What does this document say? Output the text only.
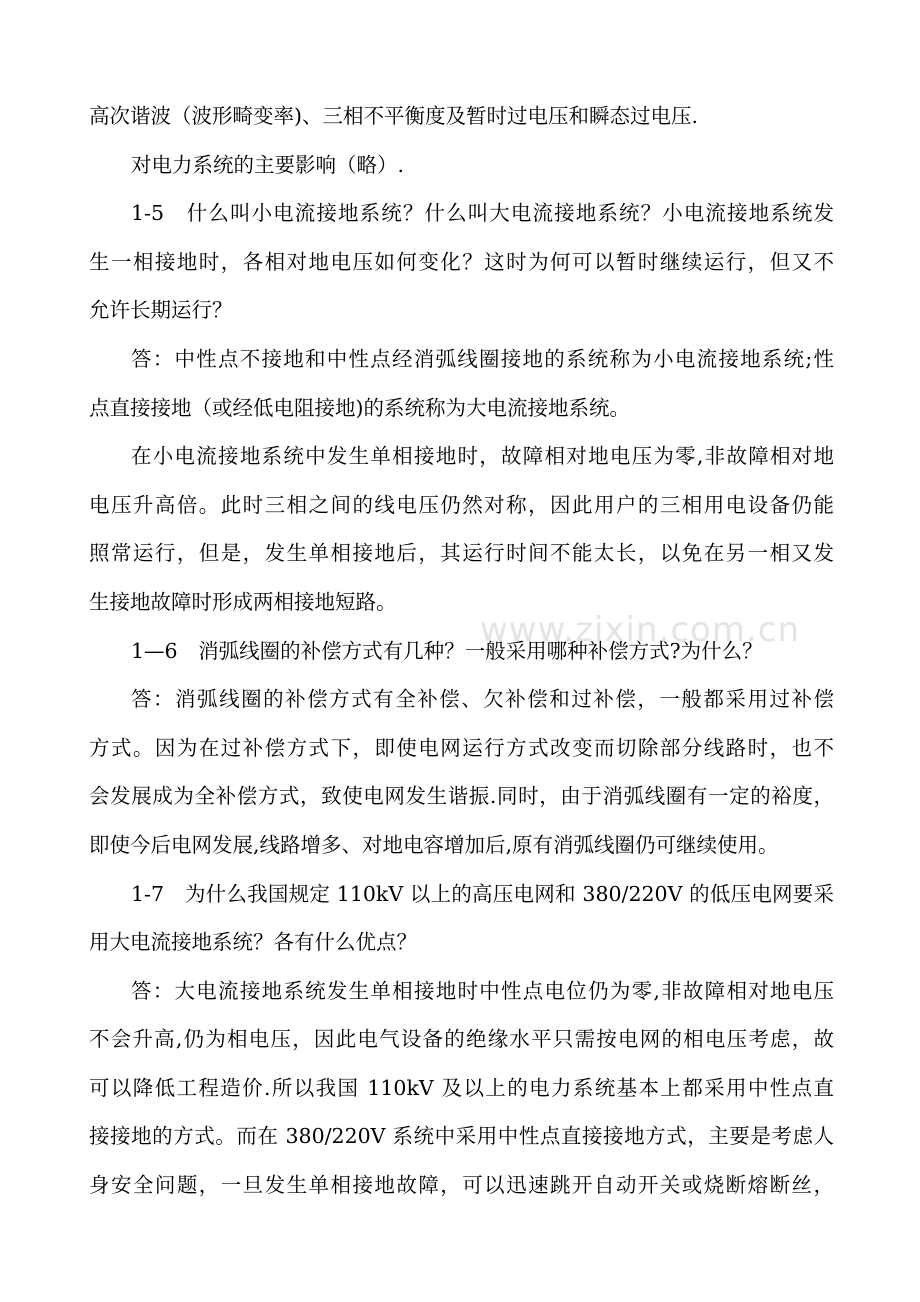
高次谐波（波形畸变率)、三相不平衡度及暂时过电压和瞬态过电压.
对电力系统的主要影响（略）.
1-5　什么叫小电流接地系统？什么叫大电流接地系统？小电流接地系统发
生一相接地时，各相对地电压如何变化？这时为何可以暂时继续运行，但又不
允许长期运行？
答：中性点不接地和中性点经消弧线圈接地的系统称为小电流接地系统;性
点直接接地（或经低电阻接地)的系统称为大电流接地系统。
在小电流接地系统中发生单相接地时，故障相对地电压为零,非故障相对地
电压升高倍。此时三相之间的线电压仍然对称，因此用户的三相用电设备仍能
照常运行，但是，发生单相接地后，其运行时间不能太长，以免在另一相又发
生接地故障时形成两相接地短路。
1—6　消弧线圈的补偿方式有几种？一般采用哪种补偿方式?为什么？
答：消弧线圈的补偿方式有全补偿、欠补偿和过补偿，一般都采用过补偿
方式。因为在过补偿方式下，即使电网运行方式改变而切除部分线路时，也不
会发展成为全补偿方式，致使电网发生谐振.同时，由于消弧线圈有一定的裕度，
即使今后电网发展,线路增多、对地电容增加后,原有消弧线圈仍可继续使用。
1-7　为什么我国规定 110kV 以上的高压电网和 380/220V 的低压电网要采
用大电流接地系统？各有什么优点？
答：大电流接地系统发生单相接地时中性点电位仍为零,非故障相对地电压
不会升高,仍为相电压，因此电气设备的绝缘水平只需按电网的相电压考虑，故
可以降低工程造价.所以我国 110kV 及以上的电力系统基本上都采用中性点直
接接地的方式。而在 380/220V 系统中采用中性点直接接地方式，主要是考虑人
身安全问题，一旦发生单相接地故障，可以迅速跳开自动开关或烧断熔断丝，
www.zixin.com.cn
